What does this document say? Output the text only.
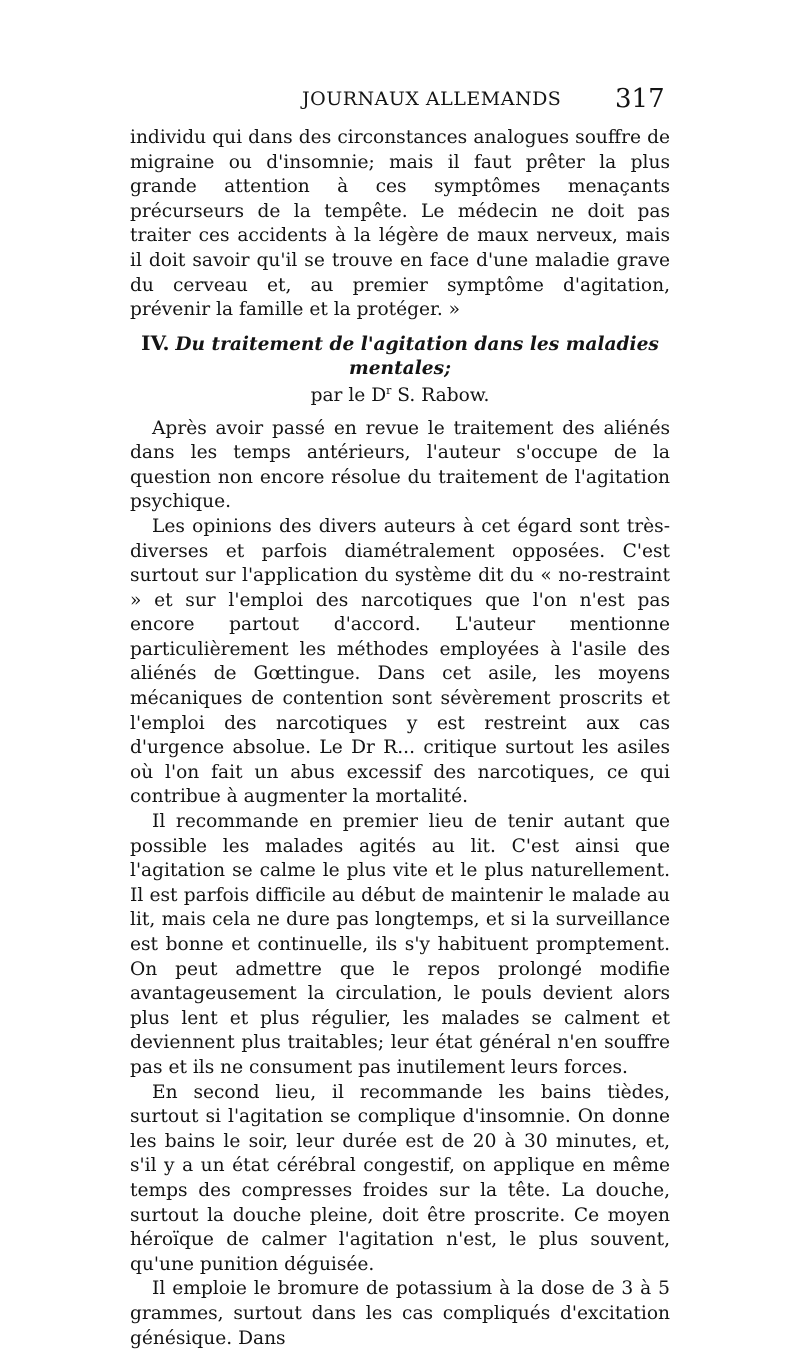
JOURNAUX ALLEMANDS 317

individu qui dans des circonstances analogues souffre de migraine ou d'insomnie; mais il faut prêter la plus grande attention à ces symptômes menaçants précurseurs de la tempête. Le médecin ne doit pas traiter ces accidents à la légère de maux nerveux, mais il doit savoir qu'il se trouve en face d'une maladie grave du cerveau et, au premier symptôme d'agitation, prévenir la famille et la protéger. »

IV. Du traitement de l'agitation dans les maladies mentales;
par le $D^r$ S. Rabow.

Après avoir passé en revue le traitement des aliénés dans les temps antérieurs, l'auteur s'occupe de la question non encore résolue du traitement de l'agitation psychique.

Les opinions des divers auteurs à cet égard sont très-diverses et parfois diamétralement opposées. C'est surtout sur l'application du système dit du « no-restraint » et sur l'emploi des narcotiques que l'on n'est pas encore partout d'accord. L'auteur mentionne particulièrement les méthodes employées à l'asile des aliénés de Gœttingue. Dans cet asile, les moyens mécaniques de contention sont sévèrement proscrits et l'emploi des narcotiques y est restreint aux cas d'urgence absolue. Le Dr R... critique surtout les asiles où l'on fait un abus excessif des narcotiques, ce qui contribue à augmenter la mortalité.

Il recommande en premier lieu de tenir autant que possible les malades agités au lit. C'est ainsi que l'agitation se calme le plus vite et le plus naturellement. Il est parfois difficile au début de maintenir le malade au lit, mais cela ne dure pas longtemps, et si la surveillance est bonne et continuelle, ils s'y habituent promptement. On peut admettre que le repos prolongé modifie avantageusement la circulation, le pouls devient alors plus lent et plus régulier, les malades se calment et deviennent plus traitables; leur état général n'en souffre pas et ils ne consument pas inutilement leurs forces.

En second lieu, il recommande les bains tièdes, surtout si l'agitation se complique d'insomnie. On donne les bains le soir, leur durée est de 20 à 30 minutes, et, s'il y a un état cérébral congestif, on applique en même temps des compresses froides sur la tête. La douche, surtout la douche pleine, doit être proscrite. Ce moyen héroïque de calmer l'agitation n'est, le plus souvent, qu'une punition déguisée.

Il emploie le bromure de potassium à la dose de 3 à 5 grammes, surtout dans les cas compliqués d'excitation génésique. Dans
